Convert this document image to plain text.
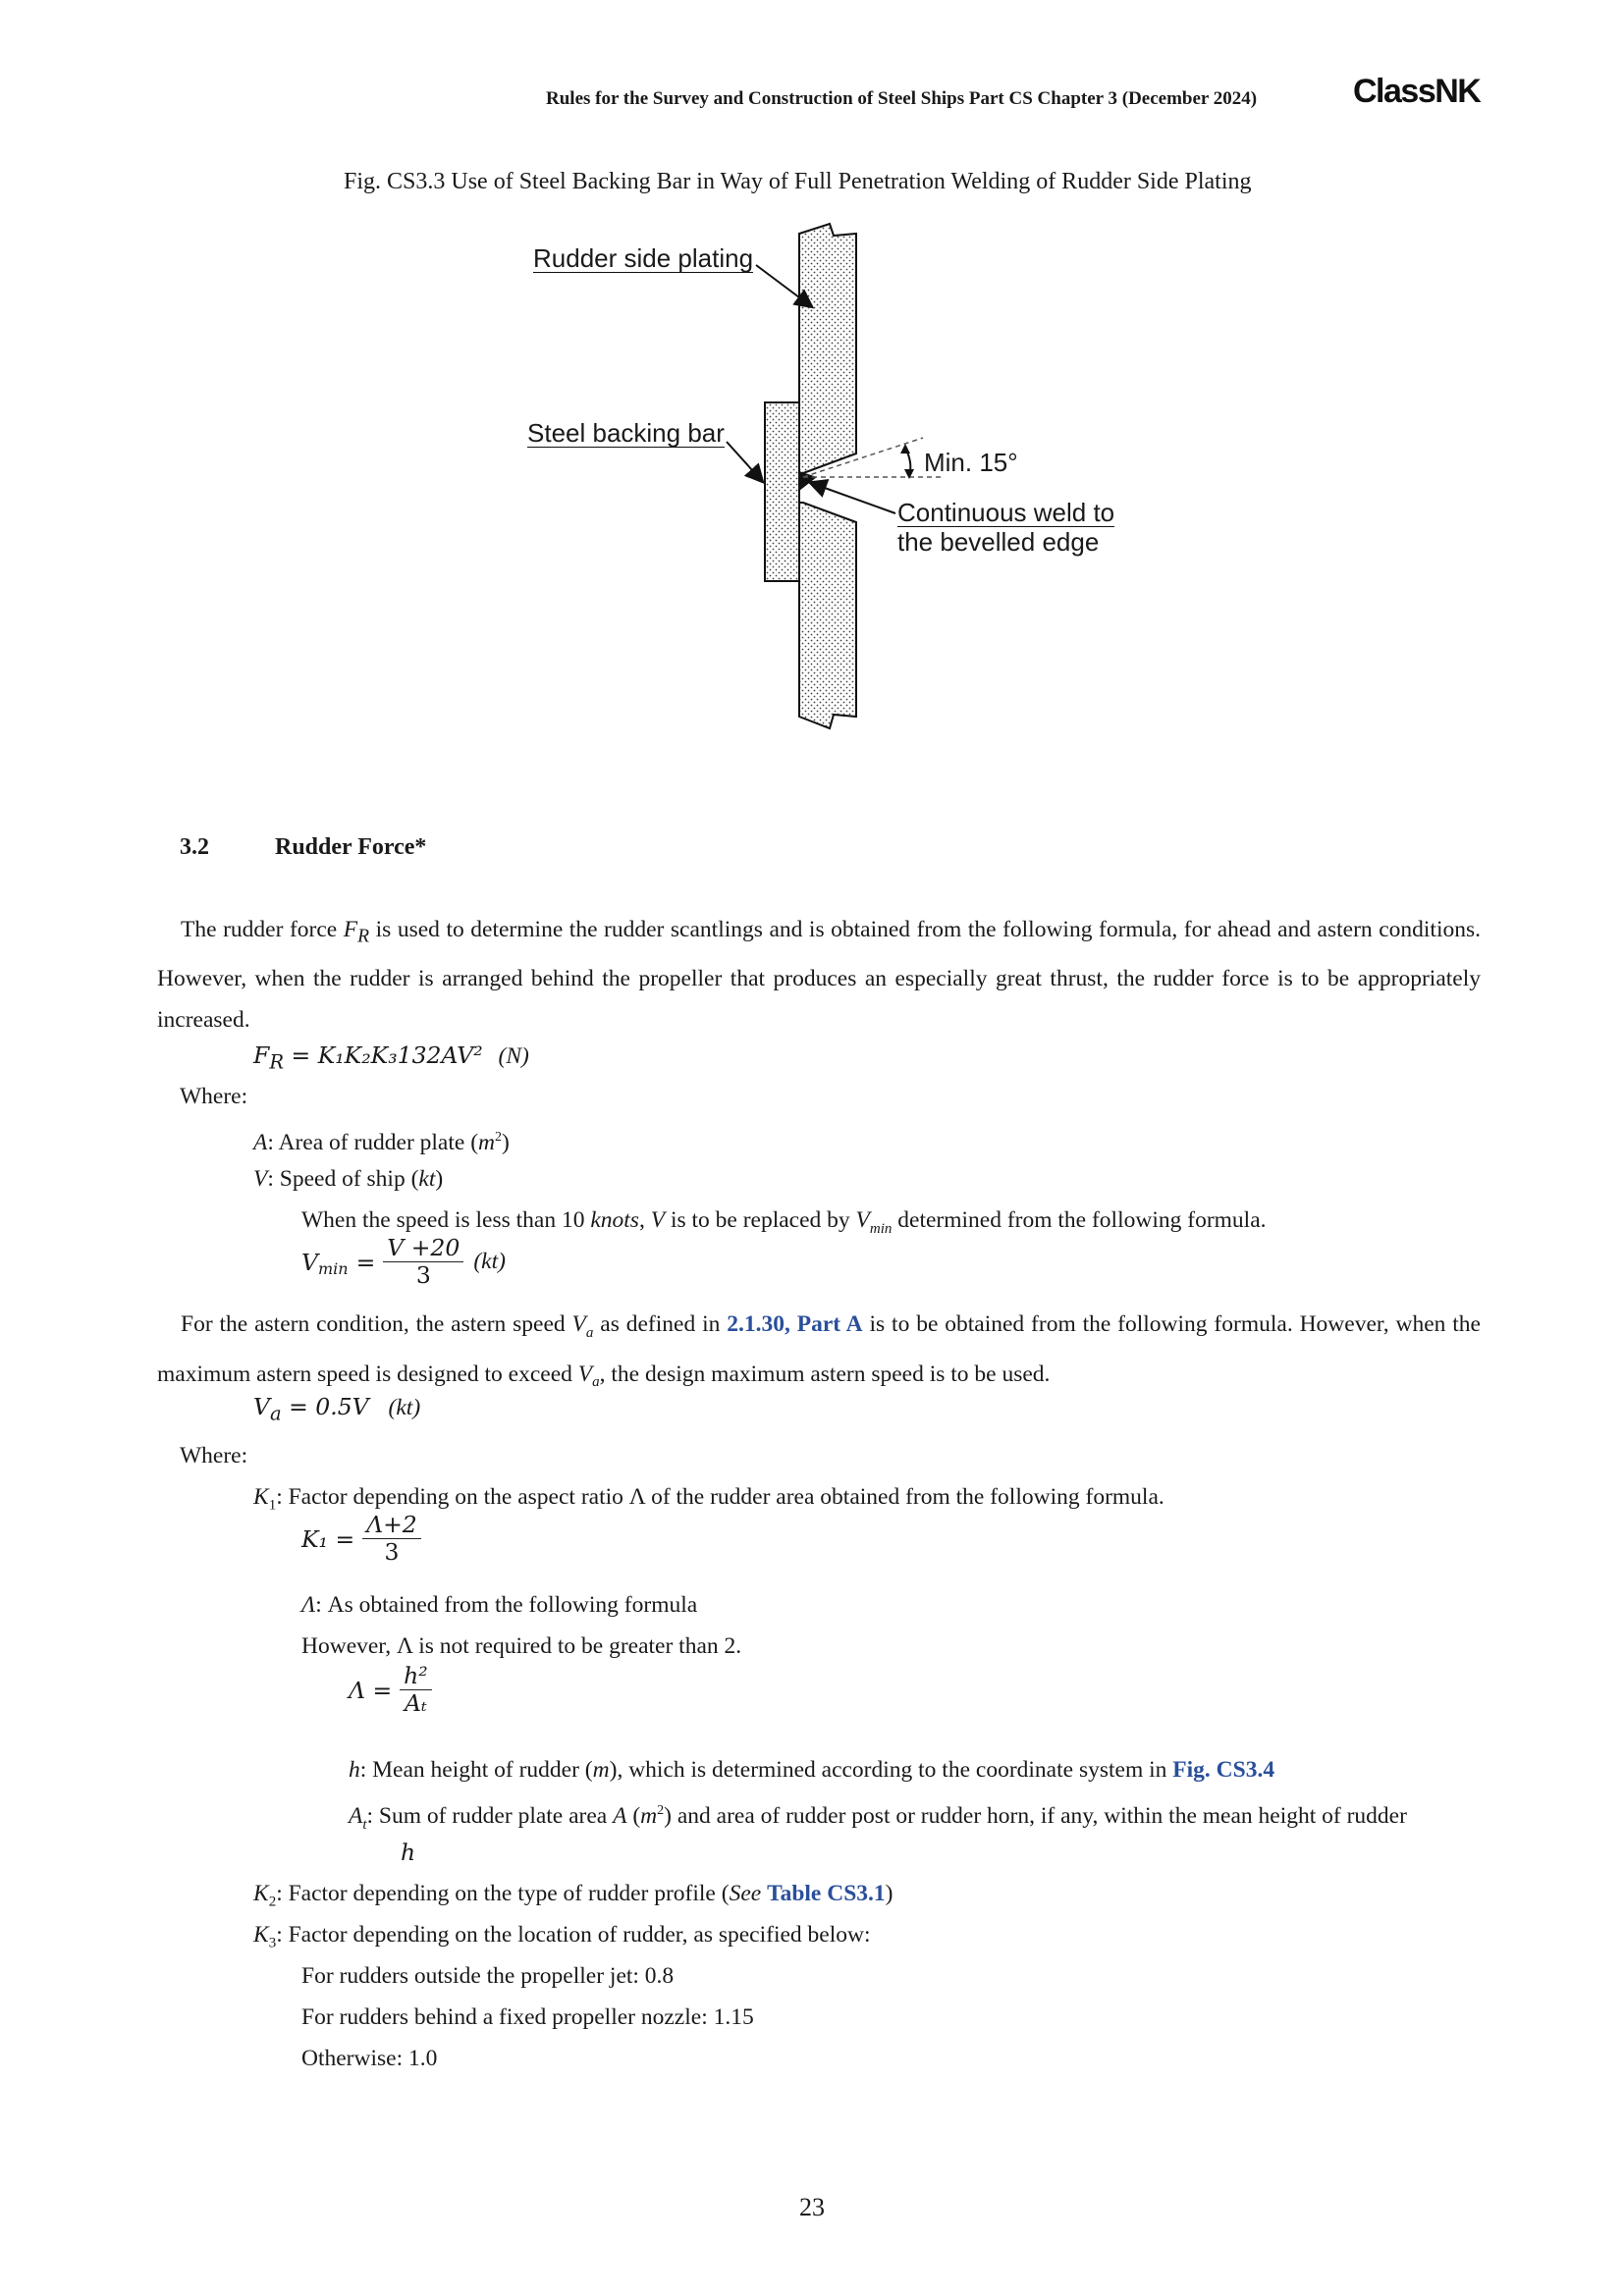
Rules for the Survey and Construction of Steel Ships Part CS Chapter 3 (December 2024)	ClassNK
Fig. CS3.3 Use of Steel Backing Bar in Way of Full Penetration Welding of Rudder Side Plating
Rudder side plating
Steel backing bar
Min. 15°
Continuous weld to
the bevelled edge
3.2	Rudder Force*
The rudder force $F_R$ is used to determine the rudder scantlings and is obtained from the following formula, for ahead and astern conditions. However, when the rudder is arranged behind the propeller that produces an especially great thrust, the rudder force is to be appropriately increased.
$F_R = K_1K_2K_3132AV^2$ (N)
Where:
A: Area of rudder plate $(m^2)$
V: Speed of ship (kt)
When the speed is less than 10 knots, V is to be replaced by $V_{min}$ determined from the following formula.
$V_{min} = \frac{V +20}{3} (kt)$
For the astern condition, the astern speed $V_a$ as defined in 2.1.30, Part A is to be obtained from the following formula. However, when the maximum astern speed is designed to exceed $V_a$, the design maximum astern speed is to be used.
$V_a = 0.5V$ (kt)
Where:
$K_1$: Factor depending on the aspect ratio Λ of the rudder area obtained from the following formula.
$K_1 = \frac{\Lambda+2}{3}$
Λ: As obtained from the following formula
However, Λ is not required to be greater than 2.
$\Lambda = \frac{\text{h²}}{\text{Aₜ}}$
h: Mean height of rudder (m), which is determined according to the coordinate system in Fig. CS3.4
$A_t$: Sum of rudder plate area A $(m^2)$ and area of rudder post or rudder horn, if any, within the mean height of rudder
h
$K_2$: Factor depending on the type of rudder profile (See Table CS3.1)
$K_3$: Factor depending on the location of rudder, as specified below:
For rudders outside the propeller jet: 0.8
For rudders behind a fixed propeller nozzle: 1.15
Otherwise: 1.0
23
